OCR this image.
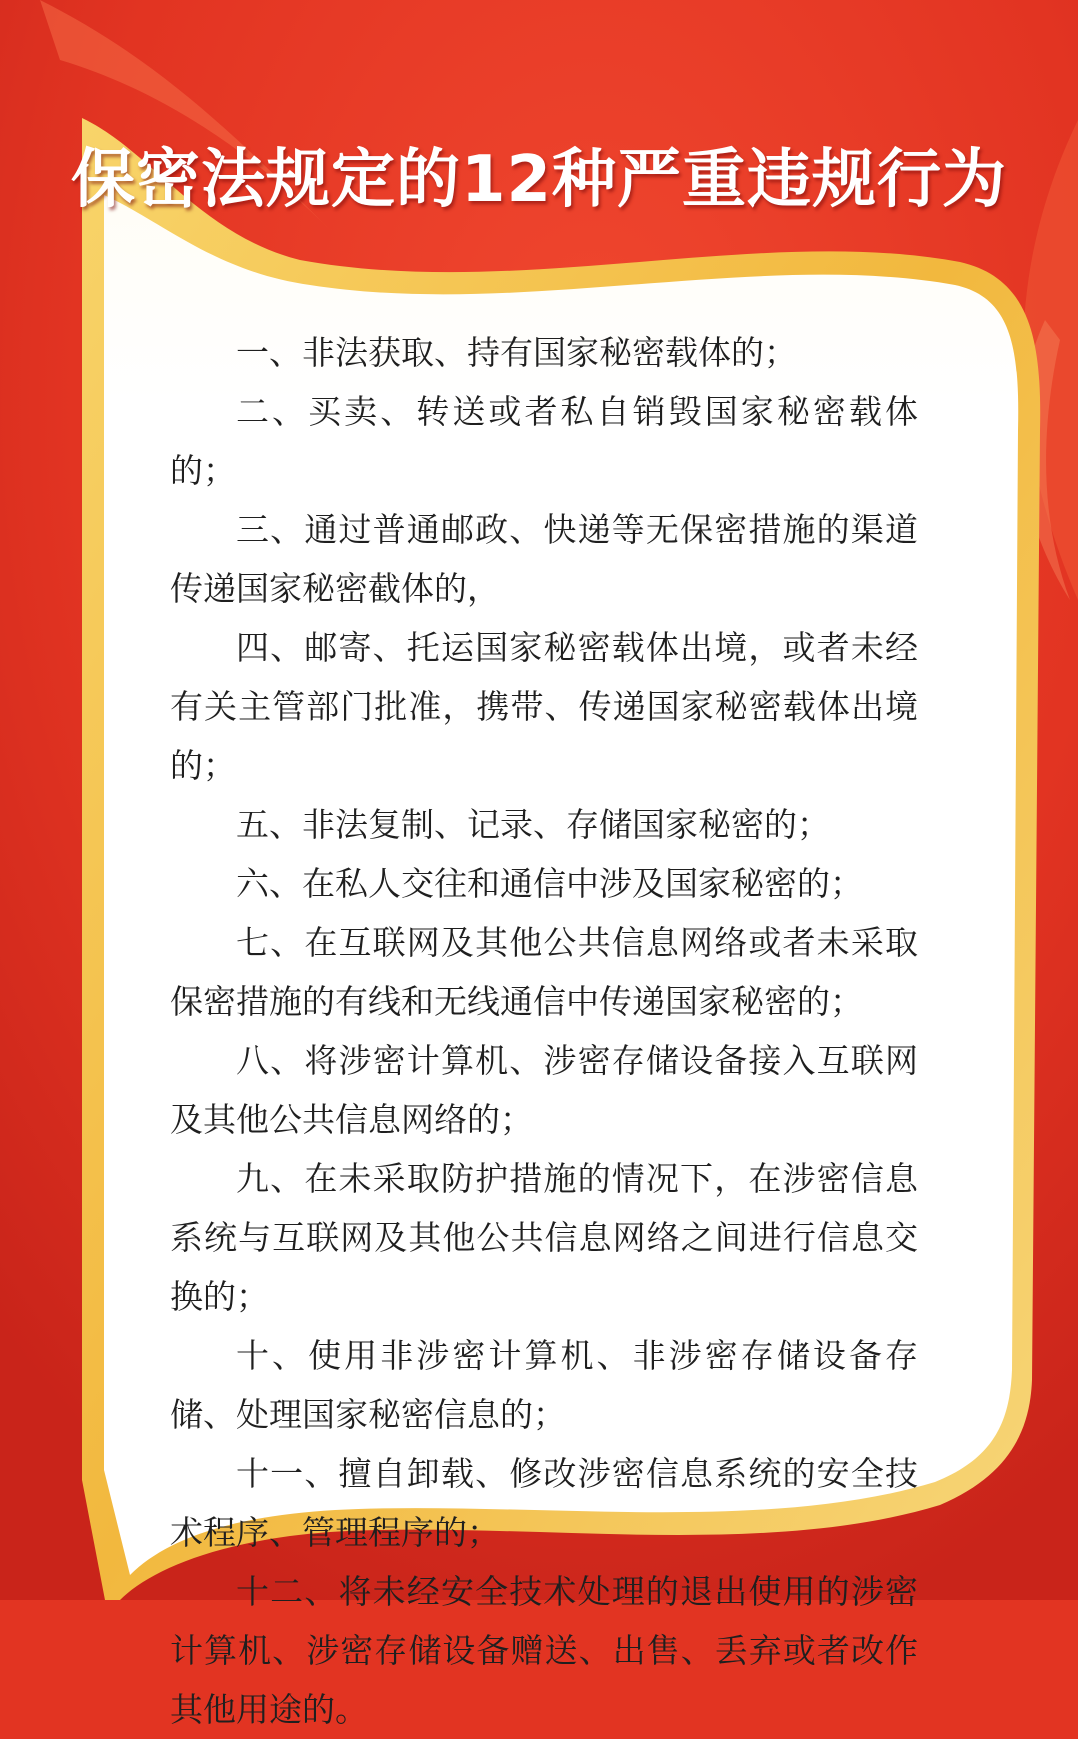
保密法规定的12种严重违规行为

一、非法获取、持有国家秘密载体的；

二、买卖、转送或者私自销毁国家秘密载体的；

三、通过普通邮政、快递等无保密措施的渠道传递国家秘密截体的，

四、邮寄、托运国家秘密载体出境，或者未经有关主管部门批准，携带、传递国家秘密载体出境的；

五、非法复制、记录、存储国家秘密的；

六、在私人交往和通信中涉及国家秘密的；

七、在互联网及其他公共信息网络或者未采取保密措施的有线和无线通信中传递国家秘密的；

八、将涉密计算机、涉密存储设备接入互联网及其他公共信息网络的；

九、在未采取防护措施的情况下，在涉密信息系统与互联网及其他公共信息网络之间进行信息交换的；

十、使用非涉密计算机、非涉密存储设备存储、处理国家秘密信息的；

十一、擅自卸载、修改涉密信息系统的安全技术程序、管理程序的；

十二、将未经安全技术处理的退出使用的涉密计算机、涉密存储设备赠送、出售、丢弃或者改作其他用途的。
